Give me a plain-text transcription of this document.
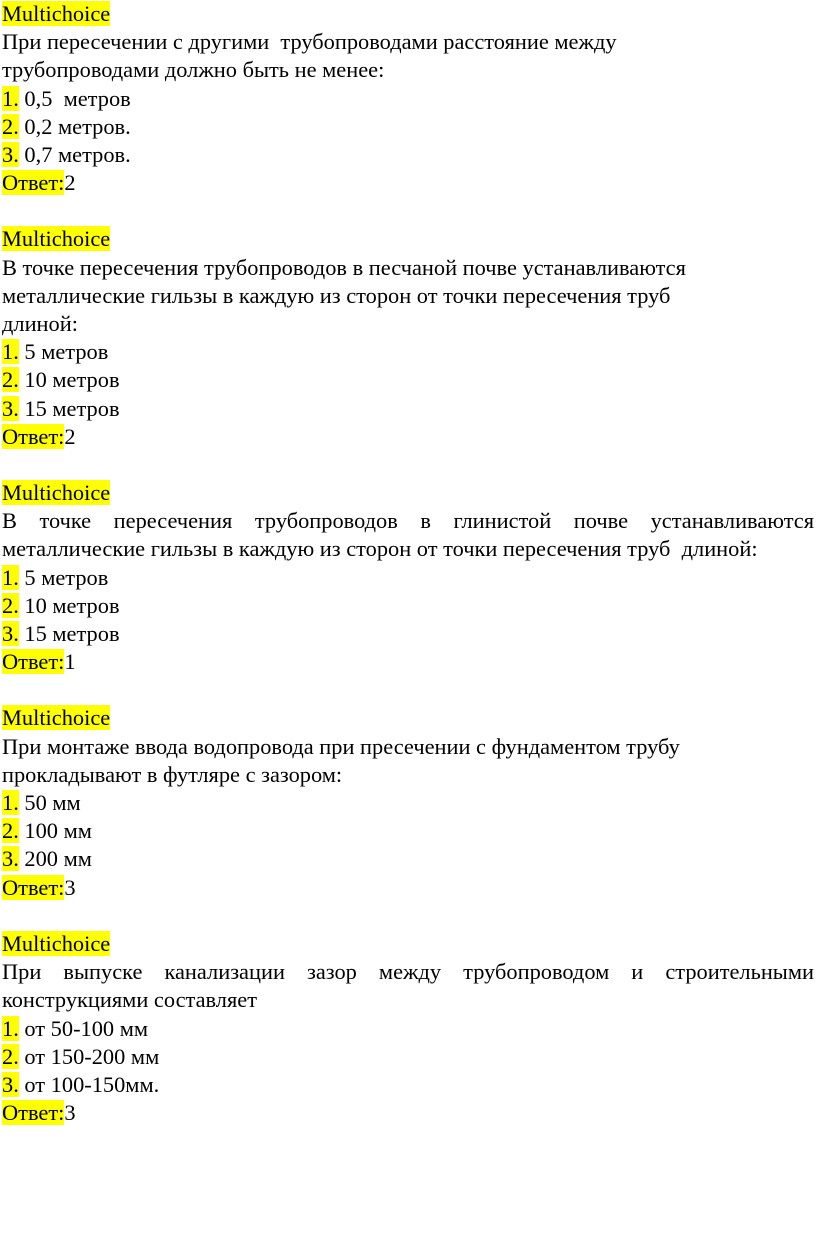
Multichoice
При пересечении с другими  трубопроводами расстояние между
трубопроводами должно быть не менее:
1. 0,5  метров
2. 0,2 метров.
3. 0,7 метров.
Ответ:2
Multichoice
В точке пересечения трубопроводов в песчаной почве устанавливаются
металлические гильзы в каждую из сторон от точки пересечения труб
длиной:
1. 5 метров
2. 10 метров
3. 15 метров
Ответ:2
Multichoice
В точке пересечения трубопроводов в глинистой почве устанавливаются
металлические гильзы в каждую из сторон от точки пересечения труб  длиной:
1. 5 метров
2. 10 метров
3. 15 метров
Ответ:1
Multichoice
При монтаже ввода водопровода при пресечении с фундаментом трубу
прокладывают в футляре с зазором:
1. 50 мм
2. 100 мм
3. 200 мм
Ответ:3
Multichoice
При выпуске канализации зазор между трубопроводом и строительными
конструкциями составляет
1. от 50-100 мм
2. от 150-200 мм
3. от 100-150мм.
Ответ:3
